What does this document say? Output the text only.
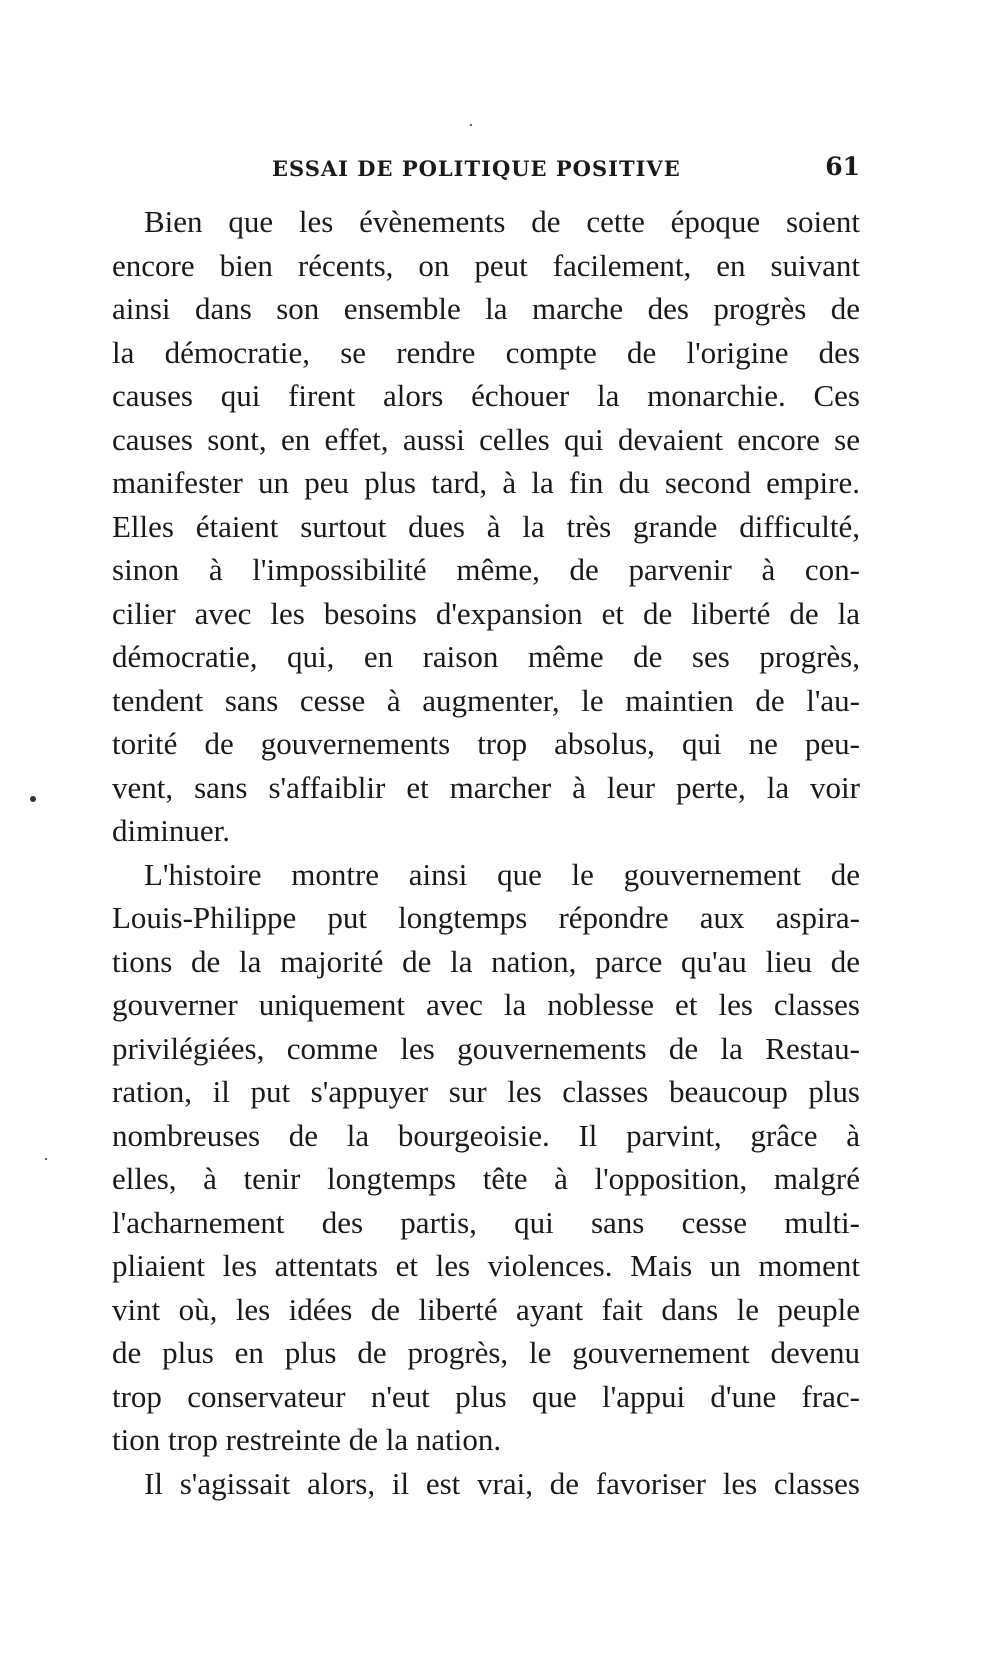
ESSAI DE POLITIQUE POSITIVE	61
Bien que les évènements de cette époque soient
encore bien récents, on peut facilement, en suivant
ainsi dans son ensemble la marche des progrès de
la démocratie, se rendre compte de l'origine des
causes qui firent alors échouer la monarchie. Ces
causes sont, en effet, aussi celles qui devaient encore se
manifester un peu plus tard, à la fin du second empire.
Elles étaient surtout dues à la très grande difficulté,
sinon à l'impossibilité même, de parvenir à con-
cilier avec les besoins d'expansion et de liberté de la
démocratie, qui, en raison même de ses progrès,
tendent sans cesse à augmenter, le maintien de l'au-
torité de gouvernements trop absolus, qui ne peu-
vent, sans s'affaiblir et marcher à leur perte, la voir
diminuer.
L'histoire montre ainsi que le gouvernement de
Louis-Philippe put longtemps répondre aux aspira-
tions de la majorité de la nation, parce qu'au lieu de
gouverner uniquement avec la noblesse et les classes
privilégiées, comme les gouvernements de la Restau-
ration, il put s'appuyer sur les classes beaucoup plus
nombreuses de la bourgeoisie. Il parvint, grâce à
elles, à tenir longtemps tête à l'opposition, malgré
l'acharnement des partis, qui sans cesse multi-
pliaient les attentats et les violences. Mais un moment
vint où, les idées de liberté ayant fait dans le peuple
de plus en plus de progrès, le gouvernement devenu
trop conservateur n'eut plus que l'appui d'une frac-
tion trop restreinte de la nation.
Il s'agissait alors, il est vrai, de favoriser les classes
